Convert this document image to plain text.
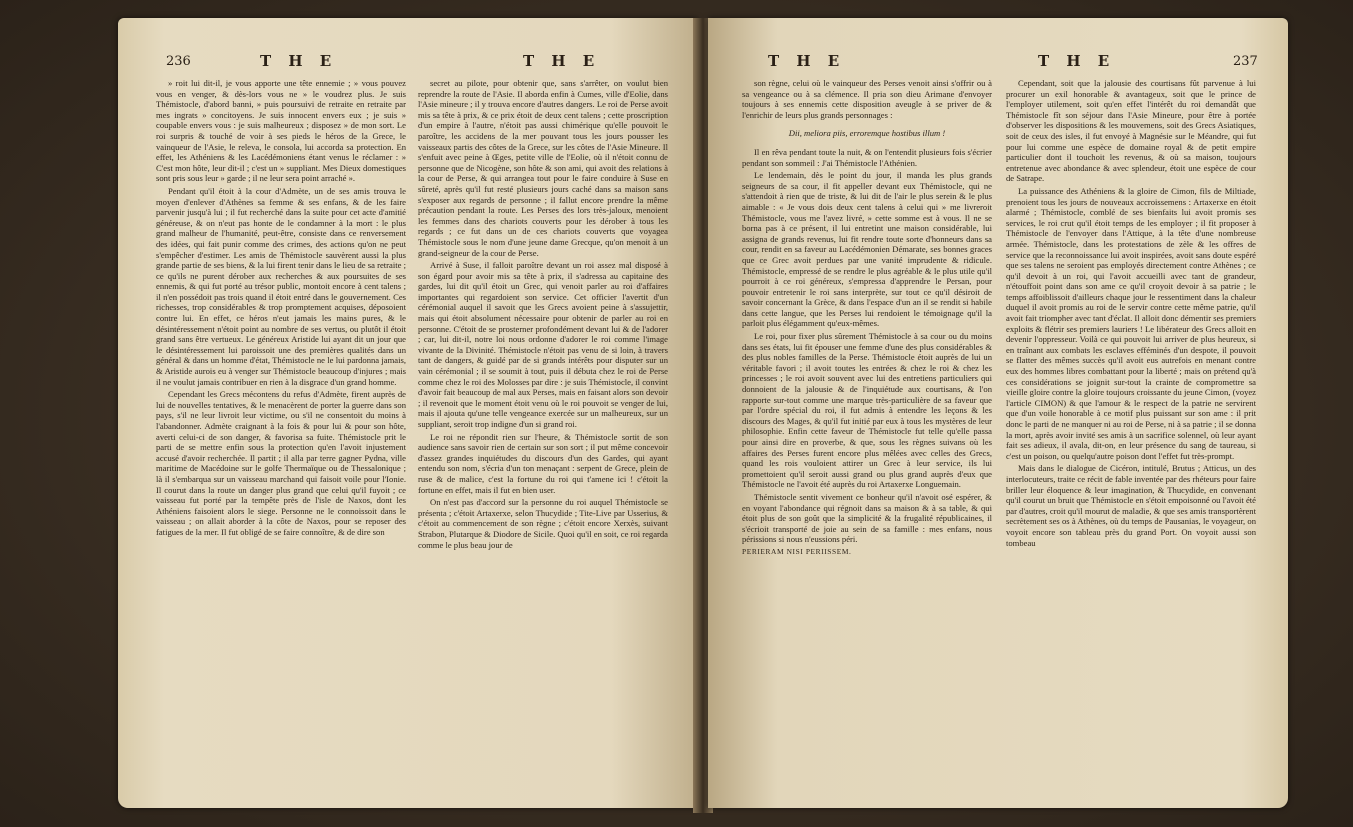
236	T H E	T H E

» roit lui dit-il, je vous apporte une tête ennemie ; » vous pouvez vous en venger, & dès-lors vous ne » le voudrez plus. Je suis Thémistocle, d'abord banni, » puis poursuivi de retraite en retraite par mes ingrats » concitoyens. Je suis innocent envers eux ; je suis » coupable envers vous : je suis malheureux ; disposez » de mon sort. Le roi surpris & touché de voir à ses pieds le héros de la Grece, le vainqueur de l'Asie, le releva, le consola, lui accorda sa protection. En effet, les Athéniens & les Lacédémoniens étant venus le réclamer : » C'est mon hôte, leur dit-il ; c'est un » suppliant. Mes Dieux domestiques sont pris sous leur » garde ; il ne leur sera point arraché ».

Pendant qu'il étoit à la cour d'Admète, un de ses amis trouva le moyen d'enlever d'Athènes sa femme & ses enfans, & de les faire parvenir jusqu'à lui ; il fut recherché dans la suite pour cet acte d'amitié généreuse, & on n'eut pas honte de le condamner à la mort : le plus grand malheur de l'humanité, peut-être, consiste dans ce renversement des idées, qui fait punir comme des crimes, des actions qu'on ne peut s'empêcher d'estimer. Les amis de Thémistocle sauvèrent aussi la plus grande partie de ses biens, & la lui firent tenir dans le lieu de sa retraite ; ce qu'ils ne purent dérober aux recherches & aux poursuites de ses ennemis, & qui fut porté au trésor public, montoit encore à cent talens ; il n'en possédoit pas trois quand il étoit entré dans le gouvernement. Ces richesses, trop considérables & trop promptement acquises, déposoient contre lui. En effet, ce héros n'eut jamais les mains pures, & le désintéressement n'étoit point au nombre de ses vertus, ou plutôt il étoit grand sans être vertueux. Le généreux Aristide lui ayant dit un jour que le désintéressement lui paroissoit une des premières qualités dans un général & dans un homme d'état, Thémistocle ne le lui pardonna jamais, & Aristide aurois eu à venger sur Thémistocle beaucoup d'injures ; mais il ne voulut jamais contribuer en rien à la disgrace d'un grand homme.

Cependant les Grecs mécontens du refus d'Admète, firent auprès de lui de nouvelles tentatives, & le menacèrent de porter la guerre dans son pays, s'il ne leur livroit leur victime, ou s'il ne consentoit du moins à l'abandonner. Admète craignant à la fois & pour lui & pour son hôte, averti celui-ci de son danger, & favorisa sa fuite. Thémistocle prit le parti de se mettre enfin sous la protection qu'en l'avoit injustement accusé d'avoir recherchée. Il partit ; il alla par terre gagner Pydna, ville maritime de Macédoine sur le golfe Thermaïque ou de Thessalonique ; là il s'embarqua sur un vaisseau marchand qui faisoit voile pour l'Ionie. Il courut dans la route un danger plus grand que celui qu'il fuyoit ; ce vaisseau fut porté par la tempête près de l'isle de Naxos, dont les Athéniens faisoient alors le siege. Personne ne le connoissoit dans le vaisseau ; on allait aborder à la côte de Naxos, pour se reposer des fatigues de la mer. Il fut obligé de se faire connoître, & de dire son

secret au pilote, pour obtenir que, sans s'arrêter, on voulut bien reprendre la route de l'Asie. Il aborda enfin à Cumes, ville d'Eolie, dans l'Asie mineure ; il y trouva encore d'autres dangers. Le roi de Perse avoit mis sa tête à prix, & ce prix étoit de deux cent talens ; cette proscription d'un empire à l'autre, n'étoit pas aussi chimérique qu'elle pouvoit le paroître, les accidens de la mer pouvant tous les jours pousser les vaisseaux partis des côtes de la Grece, sur les côtes de l'Asie Mineure. Il s'enfuit avec peine à Œges, petite ville de l'Eolie, où il n'étoit connu de personne que de Nicogène, son hôte & son ami, qui avoit des relations à la cour de Perse, & qui arrangea tout pour le faire conduire à Suse en sûreté, après qu'il fut resté plusieurs jours caché dans sa maison sans s'exposer aux regards de personne ; il fallut encore prendre la même précaution pendant la route. Les Perses des lors très-jaloux, menoient les femmes dans des chariots couverts pour les dérober à tous les regards ; ce fut dans un de ces chariots couverts que voyagea Thémistocle sous le nom d'une jeune dame Grecque, qu'on menoit à un grand-seigneur de la cour de Perse.

Arrivé à Suse, il falloit paroître devant un roi assez mal disposé à son égard pour avoir mis sa tête à prix, il s'adressa au capitaine des gardes, lui dit qu'il étoit un Grec, qui venoit parler au roi d'affaires importantes qui regardoient son service. Cet officier l'avertit d'un cérémonial auquel il savoit que les Grecs avoient peine à s'assujettir, mais qui étoit absolument nécessaire pour obtenir de parler au roi en personne. C'étoit de se prosterner profondément devant lui & de l'adorer ; car, lui dit-il, notre loi nous ordonne d'adorer le roi comme l'image vivante de la Divinité. Thémistocle n'étoit pas venu de si loin, à travers tant de dangers, & guidé par de si grands intérêts pour disputer sur un vain cérémonial ; il se soumit à tout, puis il débuta chez le roi de Perse comme chez le roi des Molosses par dire : je suis Thémistocle, il convint d'avoir fait beaucoup de mal aux Perses, mais en faisant alors son devoir ; il revenoit que le moment étoit venu où le roi pouvoit se venger de lui, mais il ajouta qu'une telle vengeance exercée sur un malheureux, sur un suppliant, seroit trop indigne d'un si grand roi.

Le roi ne répondit rien sur l'heure, & Thémistocle sortit de son audience sans savoir rien de certain sur son sort ; il put même concevoir d'assez grandes inquiétudes du discours d'un des Gardes, qui ayant entendu son nom, s'écria d'un ton menaçant : serpent de Grece, plein de ruse & de malice, c'est la fortune du roi qui t'amene ici ! c'étoit la fortune en effet, mais il fut en bien user.

On n'est pas d'accord sur la personne du roi auquel Thémistocle se présenta ; c'étoit Artaxerxe, selon Thucydide ; Tite-Live par Usserius, & c'étoit au commencement de son règne ; c'étoit encore Xerxès, suivant Strabon, Plutarque & Diodore de Sicile. Quoi qu'il en soit, ce roi regarda comme le plus beau jour de

T H E	T H E	237

son règne, celui où le vainqueur des Perses venoit ainsi s'offrir ou à sa vengeance ou à sa clémence. Il pria son dieu Arimane d'envoyer toujours à ses ennemis cette disposition aveugle à se priver de & l'enrichir de leurs plus grands personnages :

Dii, meliora piis, erroremque hostibus illum !

Il en rêva pendant toute la nuit, & on l'entendit plusieurs fois s'écrier pendant son sommeil : J'ai Thémistocle l'Athénien.

Le lendemain, dès le point du jour, il manda les plus grands seigneurs de sa cour, il fit appeller devant eux Thémistocle, qui ne s'attendoit à rien que de triste, & lui dit de l'air le plus serein & le plus aimable : « Je vous dois deux cent talens à celui qui » me livreroit Thémistocle, vous me l'avez livré, » cette somme est à vous. Il ne se borna pas à ce présent, il lui entretint une maison considérable, lui assigna de grands revenus, lui fit rendre toute sorte d'honneurs dans sa cour, rendit en sa faveur au Lacédémonien Démarate, ses bonnes graces que ce Grec avoit perdues par une vanité imprudente & ridicule. Thémistocle, empressé de se rendre le plus agréable & le plus utile qu'il pourroit à ce roi généreux, s'empressa d'apprendre le Persan, pour pouvoir entretenir le roi sans interprète, sur tout ce qu'il désiroit de savoir concernant la Grèce, & dans l'espace d'un an il se rendit si habile dans cette langue, que les Perses lui rendoient le témoignage qu'il la parloit plus élégamment qu'eux-mêmes.

Le roi, pour fixer plus sûrement Thémistocle à sa cour ou du moins dans ses états, lui fit épouser une femme d'une des plus considérables & des plus nobles familles de la Perse. Thémistocle étoit auprès de lui un véritable favori ; il avoit toutes les entrées & chez le roi & chez les princesses ; le roi avoit souvent avec lui des entretiens particuliers qui donnoient de la jalousie & de l'inquiétude aux courtisans, & l'on rapporte sur-tout comme une marque très-particulière de sa faveur que par l'ordre spécial du roi, il fut admis à entendre les leçons & les discours des Mages, & qu'il fut initié par eux à tous les mystères de leur philosophie. Enfin cette faveur de Thémistocle fut telle qu'elle passa pour ainsi dire en proverbe, & que, sous les règnes suivans où les affaires des Perses furent encore plus mêlées avec celles des Grecs, quand les rois vouloient attirer un Grec à leur service, ils lui promettoient qu'il seroit aussi grand ou plus grand auprès d'eux que Thémistocle ne l'avoit été auprès du roi Artaxerxe Longuemain.

Thémistocle sentit vivement ce bonheur qu'il n'avoit osé espérer, & en voyant l'abondance qui régnoit dans sa maison & à sa table, & qui étoit plus de son goût que la simplicité & la frugalité républicaines, il s'écrioit transporté de joie au sein de sa famille : mes enfans, nous périssions si nous n'eussions péri.

PERIERAM NISI PERIISSEM.

Cependant, soit que la jalousie des courtisans fût parvenue à lui procurer un exil honorable & avantageux, soit que le prince de l'employer utilement, soit qu'en effet l'intérêt du roi demandât que Thémistocle fît son séjour dans l'Asie Mineure, pour être à portée d'observer les dispositions & les mouvemens, soit des Grecs Asiatiques, soit de ceux des isles, il fut envoyé à Magnésie sur le Méandre, qui fut pour lui comme une espèce de domaine royal & de petit empire particulier dont il touchoit les revenus, & où sa maison, toujours entretenue avec abondance & avec splendeur, étoit une espèce de cour de Satrape.

La puissance des Athéniens & la gloire de Cimon, fils de Miltiade, prenoient tous les jours de nouveaux accroissemens : Artaxerxe en étoit alarmé ; Thémistocle, comblé de ses bienfaits lui avoit promis ses services, le roi crut qu'il étoit temps de les employer ; il fit proposer à Thémistocle de l'envoyer dans l'Attique, à la tête d'une nombreuse armée. Thémistocle, dans les protestations de zèle & les offres de service que la reconnoissance lui avoit inspirées, avoit sans doute espéré que ses talens ne seroient pas employés directement contre Athènes ; ce qu'il devoit à un roi, qui l'avoit accueilli avec tant de grandeur, n'étouffoit point dans son ame ce qu'il croyoit devoir à sa patrie ; le temps affoiblissoit d'ailleurs chaque jour le ressentiment dans la chaleur duquel il avoit promis au roi de le servir contre cette même patrie, qu'il avoit fait triompher avec tant d'éclat. Il alloit donc démentir ses premiers exploits & flétrir ses premiers lauriers ! Le libérateur des Grecs alloit en devenir l'oppresseur. Voilà ce qui pouvoit lui arriver de plus heureux, si en traînant aux combats les esclaves efféminés d'un despote, il pouvoit se flatter des mêmes succès qu'il avoit eus autrefois en menant contre eux des hommes libres combattant pour la liberté ; mais on prétend qu'à ces considérations se joignit sur-tout la crainte de compromettre sa vieille gloire contre la gloire toujours croissante du jeune Cimon, (voyez l'article CIMON) & que l'amour & le respect de la patrie ne servirent que d'un voile honorable à ce motif plus puissant sur son ame : il prit donc le parti de ne manquer ni au roi de Perse, ni à sa patrie ; il se donna la mort, après avoir invité ses amis à un sacrifice solennel, où leur ayant fait ses adieux, il avala, dit-on, en leur présence du sang de taureau, si c'est un poison, ou quelqu'autre poison dont l'effet fut très-prompt.

Mais dans le dialogue de Cicéron, intitulé, Brutus ; Atticus, un des interlocuteurs, traite ce récit de fable inventée par des rhéteurs pour faire briller leur éloquence & leur imagination, & Thucydide, en convenant qu'il courut un bruit que Thémistocle en s'étoit empoisonné ou l'avoit été par d'autres, croit qu'il mourut de maladie, & que ses amis transportèrent secrètement ses os à Athènes, où du temps de Pausanias, le voyageur, on voyoit encore son tableau près du grand Port. On voyoit aussi son tombeau
